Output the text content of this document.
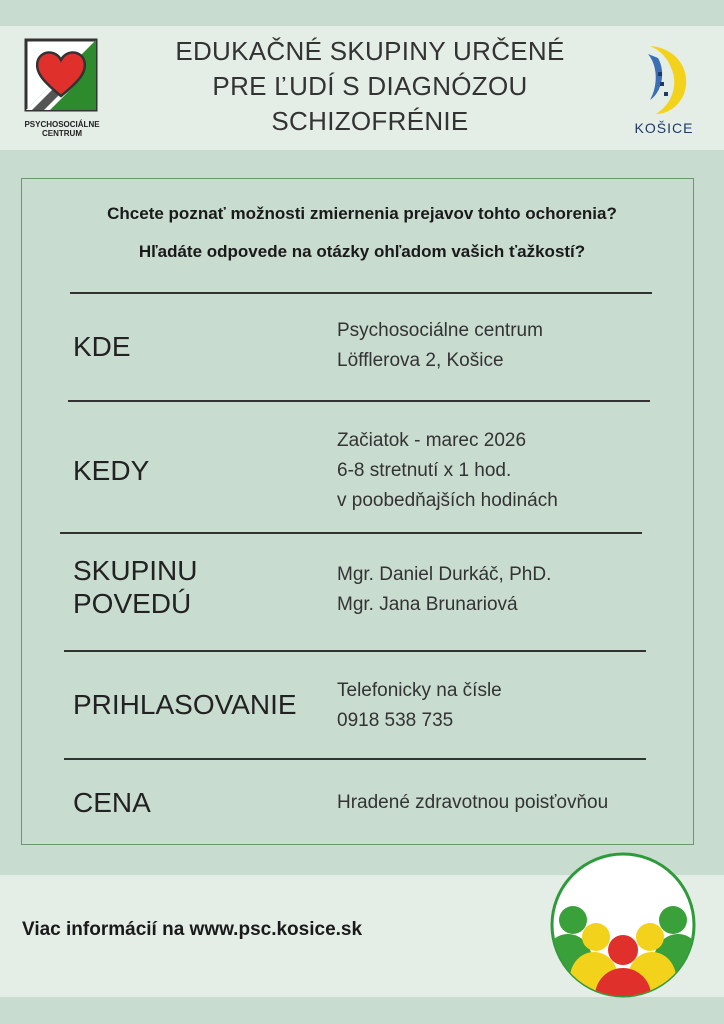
PSYCHOSOCIÁLNE
CENTRUM
EDUKAČNÉ SKUPINY URČENÉ
PRE ĽUDÍ S DIAGNÓZOU
SCHIZOFRÉNIE	KOŠICE
Chcete poznať možnosti zmiernenia prejavov tohto ochorenia?
Hľadáte odpovede na otázky ohľadom vašich ťažkostí?
KDE
Psychosociálne centrum
Löfflerova 2, Košice
KEDY
Začiatok - marec 2026
6-8 stretnutí x 1 hod.
v poobedňajších hodinách
SKUPINU
POVEDÚ
Mgr. Daniel Durkáč, PhD.
Mgr. Jana Brunariová
PRIHLASOVANIE Telefonicky na čísle
0918 538 735
CENA	Hradené zdravotnou poisťovňou
Viac informácií na www.psc.kosice.sk
